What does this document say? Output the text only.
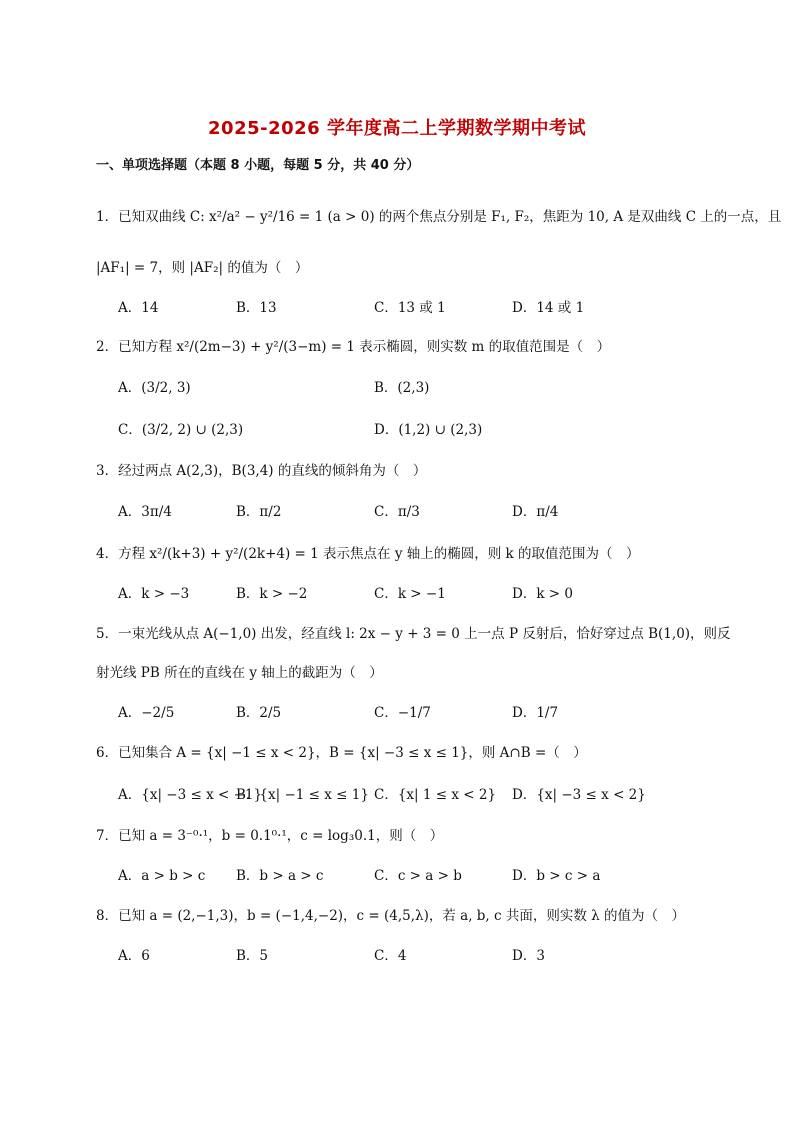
2025-2026 学年度高二上学期数学期中考试
一、单项选择题（本题 8 小题，每题 5 分，共 40 分）
1．已知双曲线 C: x²/a² − y²/16 = 1 (a > 0) 的两个焦点分别是 F₁, F₂，焦距为 10, A 是双曲线 C 上的一点，且
|AF₁| = 7，则 |AF₂| 的值为（　）
A．14	B．13	C．13 或 1	D．14 或 1
2．已知方程 x²/(2m−3) + y²/(3−m) = 1 表示椭圆，则实数 m 的取值范围是（　）
A．(3/2, 3)	B．(2,3)
C．(3/2, 2) ∪ (2,3)	D．(1,2) ∪ (2,3)
3．经过两点 A(2,3)，B(3,4) 的直线的倾斜角为（　）
A．3π/4	B．π/2	C．π/3	D．π/4
4．方程 x²/(k+3) + y²/(2k+4) = 1 表示焦点在 y 轴上的椭圆，则 k 的取值范围为（　）
A．k > −3	B．k > −2	C．k > −1	D．k > 0
5．一束光线从点 A(−1,0) 出发，经直线 l: 2x − y + 3 = 0 上一点 P 反射后，恰好穿过点 B(1,0)，则反
射光线 PB 所在的直线在 y 轴上的截距为（　）
A．−2/5	B．2/5	C．−1/7	D．1/7
6．已知集合 A = {x| −1 ≤ x < 2}，B = {x| −3 ≤ x ≤ 1}，则 A∩B =（　）
A．{x| −3 ≤ x < −1}
B．{x| −1 ≤ x ≤ 1} C．{x| 1 ≤ x < 2} D．{x| −3 ≤ x < 2}
7．已知 a = 3⁻⁰·¹，b = 0.1⁰·¹，c = log₃0.1，则（　）
A．a > b > c B．b > a > c	C．c > a > b	D．b > c > a
8．已知 a = (2,−1,3)，b = (−1,4,−2)，c = (4,5,λ)，若 a, b, c 共面，则实数 λ 的值为（　）
A．6	B．5	C．4	D．3
